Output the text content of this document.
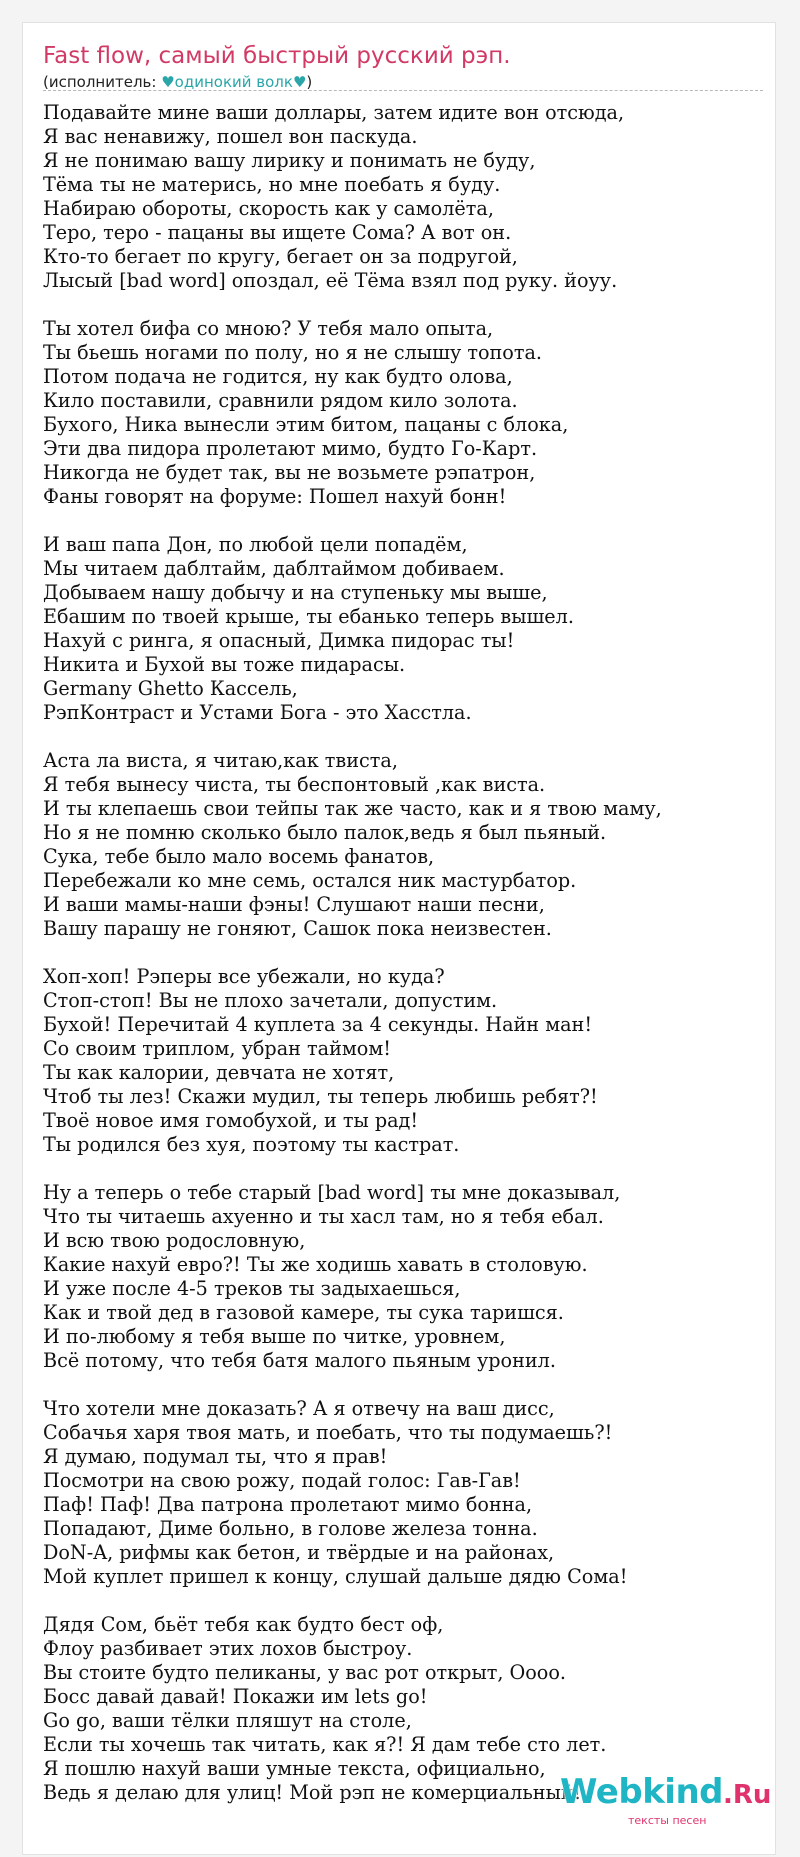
Fast flow, самый быстрый русский рэп.
(исполнитель: ♥одинокий волк♥)
Подавайте мине ваши доллары, затем идите вон отсюда,
Я вас ненавижу, пошел вон паскуда.
Я не понимаю вашу лирику и понимать не буду,
Тёма ты не матерись, но мне поебать я буду.
Набираю обороты, скорость как у самолёта,
Теро, теро - пацаны вы ищете Сома? А вот он.
Кто-то бегает по кругу, бегает он за подругой,
Лысый [bad word] опоздал, её Тёма взял под руку. йоуу.
Ты хотел бифа со мною? У тебя мало опыта,
Ты бьешь ногами по полу, но я не слышу топота.
Потом подача не годится, ну как будто олова,
Кило поставили, сравнили рядом кило золота.
Бухого, Ника вынесли этим битом, пацаны с блока,
Эти два пидора пролетают мимо, будто Го-Карт.
Никогда не будет так, вы не возьмете рэпатрон,
Фаны говорят на форуме: Пошел нахуй бонн!
И ваш папа Дон, по любой цели попадём,
Мы читаем даблтайм, даблтаймом добиваем.
Добываем нашу добычу и на ступеньку мы выше,
Ебашим по твоей крыше, ты ебанько теперь вышел.
Нахуй с ринга, я опасный, Димка пидорас ты!
Никита и Бухой вы тоже пидарасы.
Germany Ghetto Кассель,
РэпКонтраст и Устами Бога - это Хасстла.
Аста ла виста, я читаю,как твиста,
Я тебя вынесу чиста, ты беспонтовый ,как виста.
И ты клепаешь свои тейпы так же часто, как и я твою маму,
Но я не помню сколько было палок,ведь я был пьяный.
Сука, тебе было мало восемь фанатов,
Перебежали ко мне семь, остался ник мастурбатор.
И ваши мамы-наши фэны! Слушают наши песни,
Вашу парашу не гоняют, Сашок пока неизвестен.
Хоп-хоп! Рэперы все убежали, но куда?
Стоп-стоп! Вы не плохо зачетали, допустим.
Бухой! Перечитай 4 куплета за 4 секунды. Найн ман!
Со своим триплом, убран таймом!
Ты как калории, девчата не хотят,
Чтоб ты лез! Скажи мудил, ты теперь любишь ребят?!
Твоё новое имя гомобухой, и ты рад!
Ты родился без хуя, поэтому ты кастрат.
Ну а теперь о тебе старый [bad word] ты мне доказывал,
Что ты читаешь ахуенно и ты хасл там, но я тебя ебал.
И всю твою родословную,
Какие нахуй евро?! Ты же ходишь хавать в столовую.
И уже после 4-5 треков ты задыхаешься,
Как и твой дед в газовой камере, ты сука таришся.
И по-любому я тебя выше по читке, уровнем,
Всё потому, что тебя батя малого пьяным уронил.
Что хотели мне доказать? А я отвечу на ваш дисс,
Собачья харя твоя мать, и поебать, что ты подумаешь?!
Я думаю, подумал ты, что я прав!
Посмотри на свою рожу, подай голос: Гав-Гав!
Паф! Паф! Два патрона пролетают мимо бонна,
Попадают, Диме больно, в голове железа тонна.
DoN-A, рифмы как бетон, и твёрдые и на районах,
Мой куплет пришел к концу, слушай дальше дядю Сома!
Дядя Сом, бьёт тебя как будто бест оф,
Флоу разбивает этих лохов быстроу.
Вы стоите будто пеликаны, у вас рот открыт, Оооо.
Босс давай давай! Покажи им lets go!
Go go, ваши тёлки пляшут на столе,
Если ты хочешь так читать, как я?! Я дам тебе сто лет.
Я пошлю нахуй ваши умные текста, официально,
Ведь я делаю для улиц! Мой рэп не комерциальный!
Webkind.Ru
тексты песен
